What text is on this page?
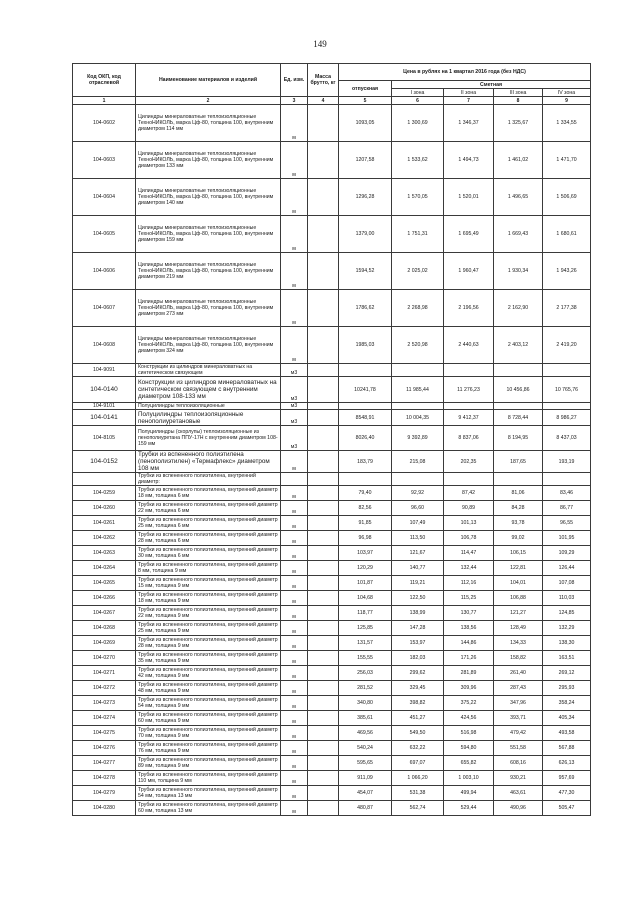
149
Код ОКП, код отраслевой	Наименование материалов и изделий	Ед. изм.	Масса брутто, кг	Цена в рублях на 1 квартал 2016 года (без НДС)				
				отпускная	Сметная			
					I зона	II зона	III зона	IV зона
1	2	3	4	5	6	7	8	9
104-0602	Цилиндры минераловатные теплоизоляционные ТехноНИКОЛЬ, марка Цф-80, толщина 100, внутренним диаметром 114 мм	м		1093,05	1 300,69	1 346,37	1 325,67	1 334,55
104-0603	Цилиндры минераловатные теплоизоляционные ТехноНИКОЛЬ, марка Цф-80, толщина 100, внутренним диаметром 133 мм	м		1207,58	1 533,62	1 494,73	1 461,02	1 471,70
104-0604	Цилиндры минераловатные теплоизоляционные ТехноНИКОЛЬ, марка Цф-80, толщина 100, внутренним диаметром 140 мм	м		1296,28	1 570,05	1 520,01	1 496,65	1 506,69
104-0605	Цилиндры минераловатные теплоизоляционные ТехноНИКОЛЬ, марка Цф-80, толщина 100, внутренним диаметром 159 мм	м		1379,00	1 751,31	1 695,49	1 669,43	1 680,61
104-0606	Цилиндры минераловатные теплоизоляционные ТехноНИКОЛЬ, марка Цф-80, толщина 100, внутренним диаметром 219 мм	м		1594,52	2 025,02	1 960,47	1 930,34	1 943,26
104-0607	Цилиндры минераловатные теплоизоляционные ТехноНИКОЛЬ, марка Цф-80, толщина 100, внутренним диаметром 273 мм	м		1786,62	2 268,98	2 196,56	2 162,90	2 177,38
104-0608	Цилиндры минераловатные теплоизоляционные ТехноНИКОЛЬ, марка Цф-80, толщина 100, внутренним диаметром 324 мм	м		1985,03	2 520,98	2 440,63	2 403,12	2 419,20
104-9091	Конструкции из цилиндров минераловатных на синтетическом связующем	м3						
104-0140	Конструкции из цилиндров минераловатных на синтетическом связующем с внутренним диаметром 108-133 мм	м3		10241,78	11 985,44	11 276,23	10 456,86	10 765,76
104-9101	Полуцилиндры теплоизоляционные	м3						
104-0141	Полуцилиндры теплоизоляционные пенополиуретановые	м3		8548,91	10 004,35	9 412,37	8 728,44	8 986,27
104-8105	Полуцилиндры (скорлупы) теплоизоляционные из пенополиуретана ППУ-17Н с внутренним диаметром 108-159 мм	м3		8026,40	9 392,89	8 837,06	8 194,95	8 437,03
104-0152	Трубки из вспененного полиэтилена (пенополиэтилен) «Термафлекс» диаметром 108 мм	м		183,79	215,08	202,35	187,65	193,19
	Трубки из вспененного полиэтилена, внутренний диаметр:							
104-0259	Трубки из вспененного полиэтилена, внутренний диаметр 18 мм, толщина 6 мм	м		79,40	92,92	87,42	81,06	83,46
104-0260	Трубки из вспененного полиэтилена, внутренний диаметр 22 мм, толщина 6 мм	м		82,56	96,60	90,89	84,28	86,77
104-0261	Трубки из вспененного полиэтилена, внутренний диаметр 25 мм, толщина 6 мм	м		91,85	107,49	101,13	93,78	96,55
104-0262	Трубки из вспененного полиэтилена, внутренний диаметр 28 мм, толщина 6 мм	м		96,98	113,50	106,78	99,02	101,95
104-0263	Трубки из вспененного полиэтилена, внутренний диаметр 30 мм, толщина 6 мм	м		103,97	121,67	114,47	106,15	109,29
104-0264	Трубки из вспененного полиэтилена, внутренний диаметр 8 мм, толщина 9 мм	м		120,29	140,77	132,44	122,81	126,44
104-0265	Трубки из вспененного полиэтилена, внутренний диаметр 15 мм, толщина 9 мм	м		101,87	119,21	112,16	104,01	107,08
104-0266	Трубки из вспененного полиэтилена, внутренний диаметр 18 мм, толщина 9 мм	м		104,68	122,50	115,25	106,88	110,03
104-0267	Трубки из вспененного полиэтилена, внутренний диаметр 22 мм, толщина 9 мм	м		118,77	138,99	130,77	121,27	124,85
104-0268	Трубки из вспененного полиэтилена, внутренний диаметр 25 мм, толщина 9 мм	м		125,85	147,28	138,56	128,49	132,29
104-0269	Трубки из вспененного полиэтилена, внутренний диаметр 28 мм, толщина 9 мм	м		131,57	153,97	144,86	134,33	138,30
104-0270	Трубки из вспененного полиэтилена, внутренний диаметр 35 мм, толщина 9 мм	м		155,55	182,03	171,26	158,82	163,51
104-0271	Трубки из вспененного полиэтилена, внутренний диаметр 42 мм, толщина 9 мм	м		256,03	299,62	281,89	261,40	269,12
104-0272	Трубки из вспененного полиэтилена, внутренний диаметр 48 мм, толщина 9 мм	м		281,52	329,45	309,96	287,43	295,93
104-0273	Трубки из вспененного полиэтилена, внутренний диаметр 54 мм, толщина 9 мм	м		340,80	398,82	375,22	347,96	358,24
104-0274	Трубки из вспененного полиэтилена, внутренний диаметр 60 мм, толщина 9 мм	м		385,61	451,27	424,56	393,71	405,34
104-0275	Трубки из вспененного полиэтилена, внутренний диаметр 70 мм, толщина 9 мм	м		469,56	549,50	516,98	479,42	493,58
104-0276	Трубки из вспененного полиэтилена, внутренний диаметр 76 мм, толщина 9 мм	м		540,24	632,22	594,80	551,58	567,88
104-0277	Трубки из вспененного полиэтилена, внутренний диаметр 89 мм, толщина 9 мм	м		595,65	697,07	655,82	608,16	626,13
104-0278	Трубки из вспененного полиэтилена, внутренний диаметр 110 мм, толщина 9 мм	м		911,09	1 066,20	1 003,10	930,21	957,69
104-0279	Трубки из вспененного полиэтилена, внутренний диаметр 54 мм, толщина 13 мм	м		454,07	531,38	499,94	463,61	477,30
104-0280	Трубки из вспененного полиэтилена, внутренний диаметр 60 мм, толщина 13 мм	м		480,87	562,74	529,44	490,96	505,47
